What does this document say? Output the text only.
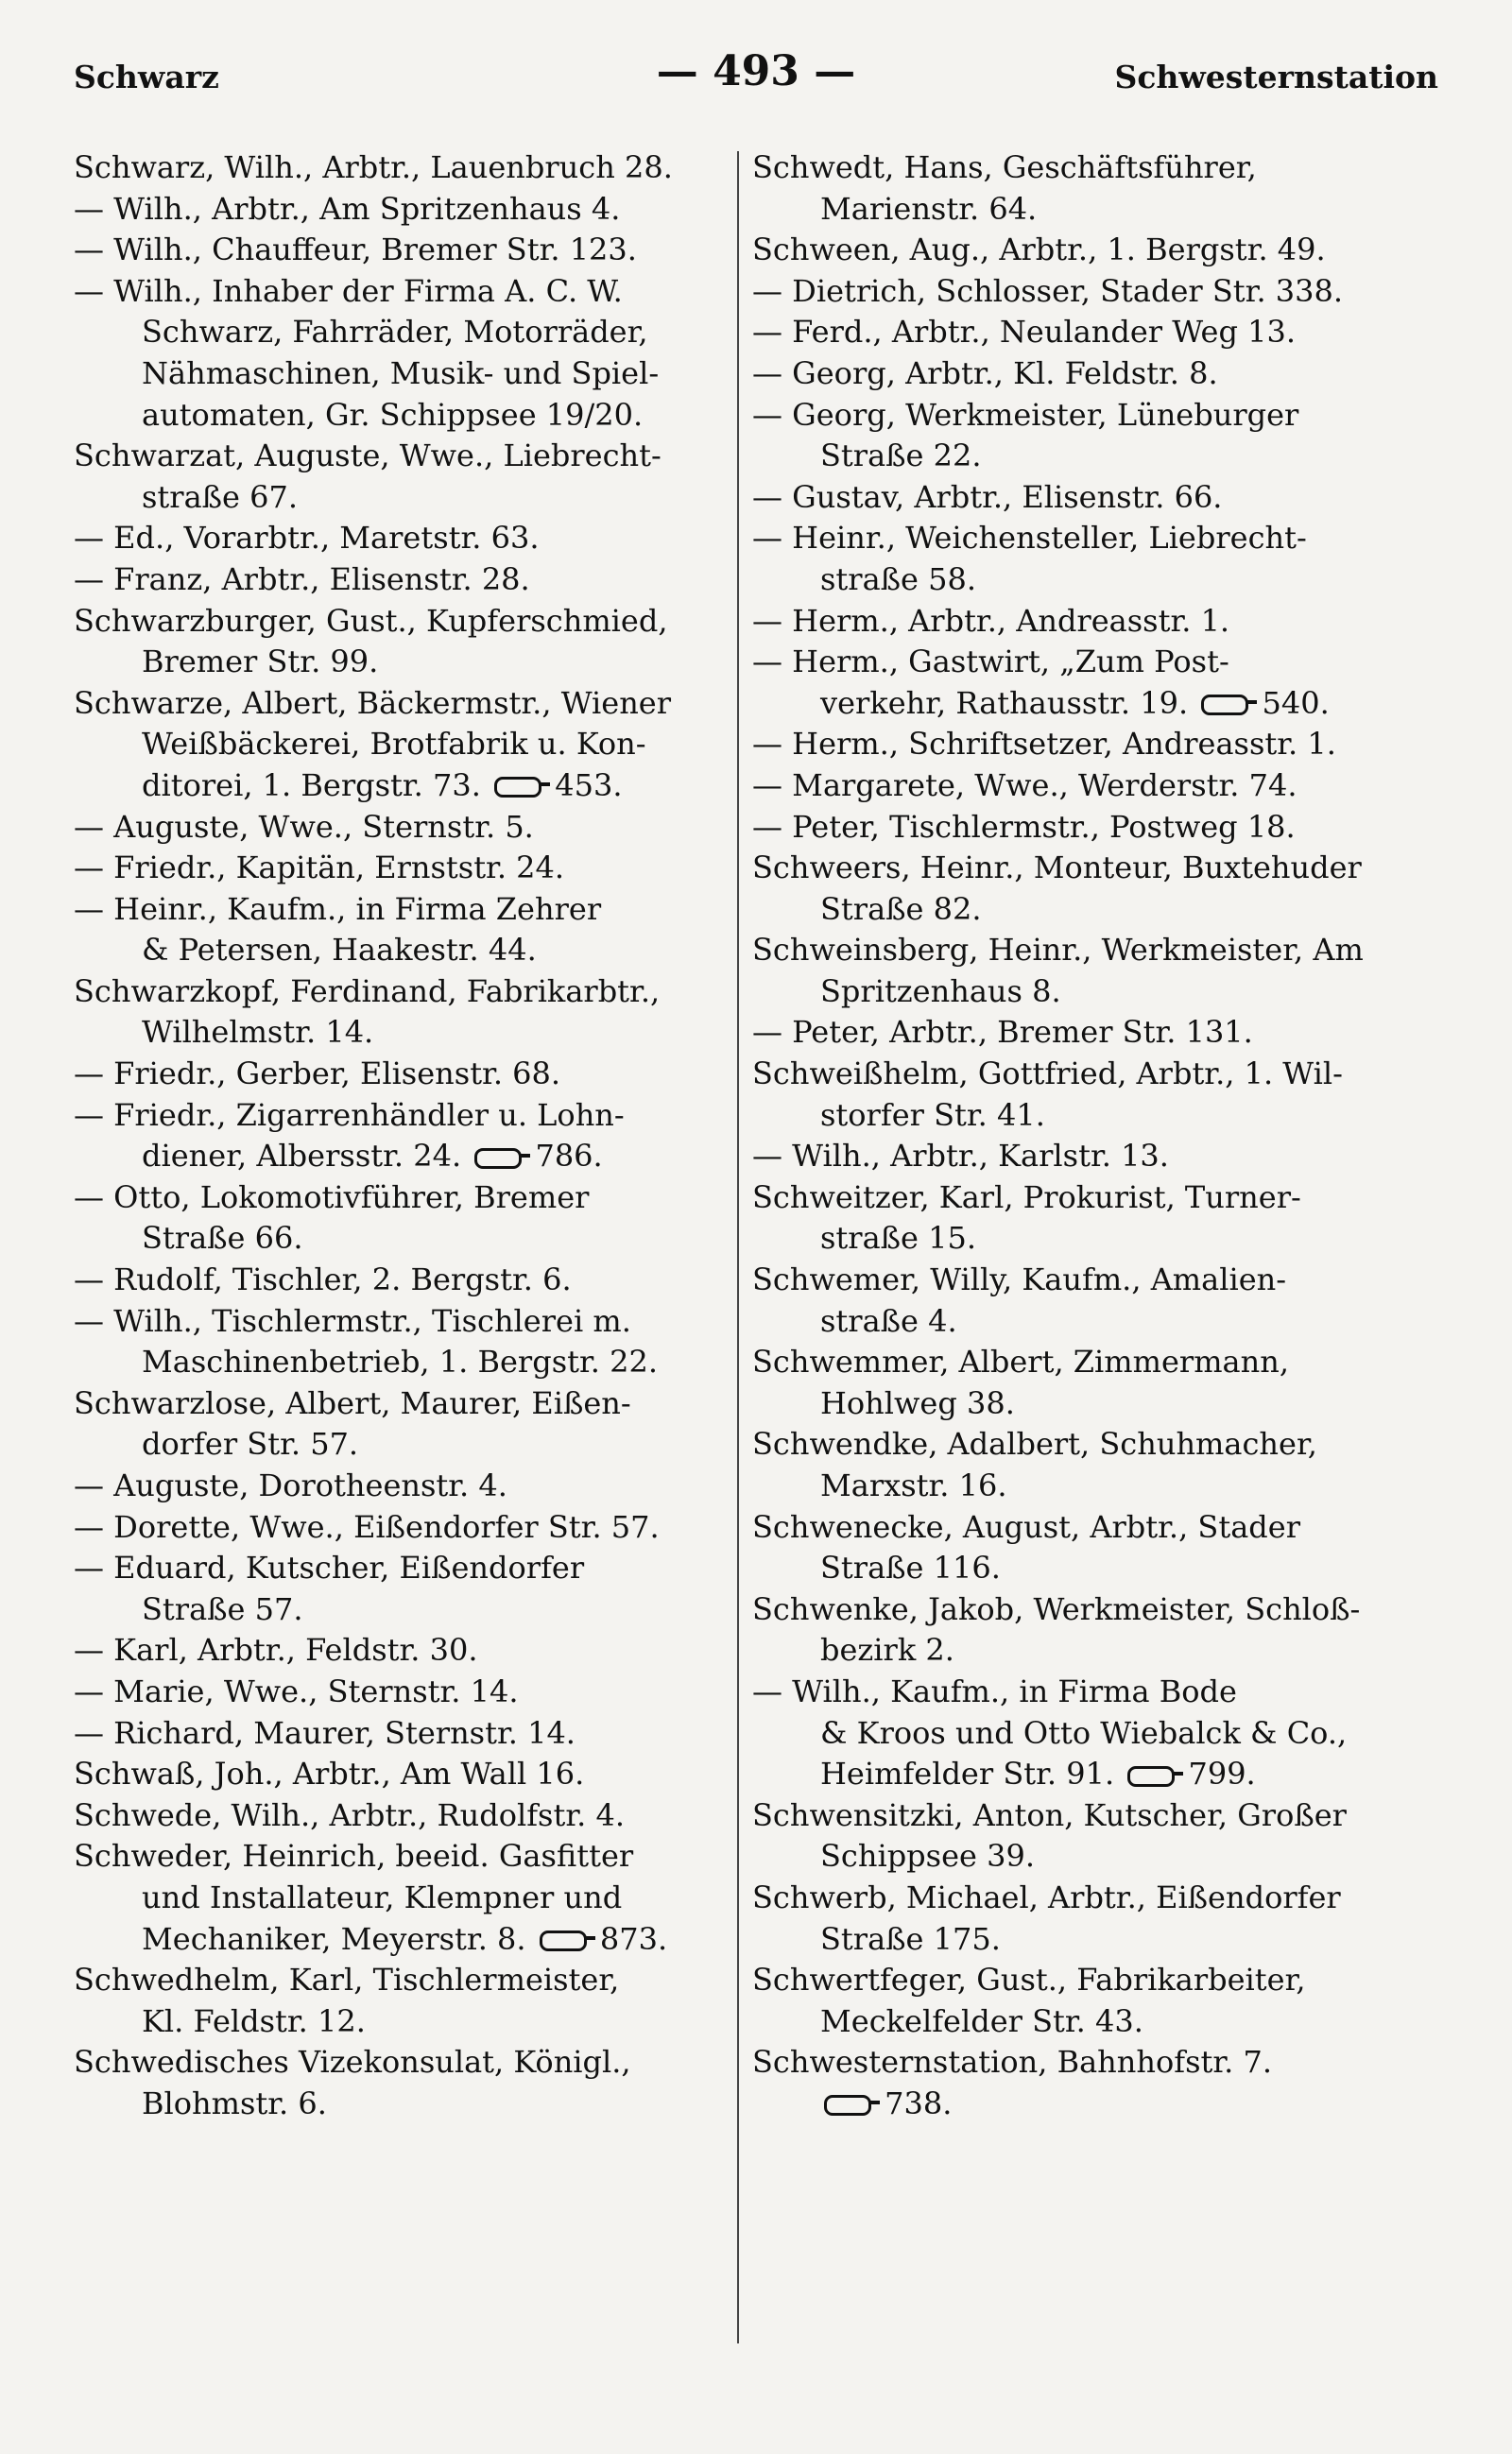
— 493 —
Schwarz	Schwesternstation
Schwarz, Wilh., Arbtr., Lauenbruch 28.
— Wilh., Arbtr., Am Spritzenhaus 4.
— Wilh., Chauffeur, Bremer Str. 123.
— Wilh., Inhaber der Firma A. C. W.
Schwarz, Fahrräder, Motorräder,
Nähmaschinen, Musik- und Spiel-
automaten, Gr. Schippsee 19/20.
Schwarzat, Auguste, Wwe., Liebrecht-
straße 67.
— Ed., Vorarbtr., Maretstr. 63.
— Franz, Arbtr., Elisenstr. 28.
Schwarzburger, Gust., Kupferschmied,
Bremer Str. 99.
Schwarze, Albert, Bäckermstr., Wiener
Weißbäckerei, Brotfabrik u. Kon-
ditorei, 1. Bergstr. 73. 453.
— Auguste, Wwe., Sternstr. 5.
— Friedr., Kapitän, Ernststr. 24.
— Heinr., Kaufm., in Firma Zehrer
& Petersen, Haakestr. 44.
Schwarzkopf, Ferdinand, Fabrikarbtr.,
Wilhelmstr. 14.
— Friedr., Gerber, Elisenstr. 68.
— Friedr., Zigarrenhändler u. Lohn-
diener, Albersstr. 24. 786.
— Otto, Lokomotivführer, Bremer
Straße 66.
— Rudolf, Tischler, 2. Bergstr. 6.
— Wilh., Tischlermstr., Tischlerei m.
Maschinenbetrieb, 1. Bergstr. 22.
Schwarzlose, Albert, Maurer, Eißen-
dorfer Str. 57.
— Auguste, Dorotheenstr. 4.
— Dorette, Wwe., Eißendorfer Str. 57.
— Eduard, Kutscher, Eißendorfer
Straße 57.
— Karl, Arbtr., Feldstr. 30.
— Marie, Wwe., Sternstr. 14.
— Richard, Maurer, Sternstr. 14.
Schwaß, Joh., Arbtr., Am Wall 16.
Schwede, Wilh., Arbtr., Rudolfstr. 4.
Schweder, Heinrich, beeid. Gasfitter
und Installateur, Klempner und
Mechaniker, Meyerstr. 8. 873.
Schwedhelm, Karl, Tischlermeister,
Kl. Feldstr. 12.
Schwedisches Vizekonsulat, Königl.,
Blohmstr. 6.
Schwedt, Hans, Geschäftsführer,
Marienstr. 64.
Schween, Aug., Arbtr., 1. Bergstr. 49.
— Dietrich, Schlosser, Stader Str. 338.
— Ferd., Arbtr., Neulander Weg 13.
— Georg, Arbtr., Kl. Feldstr. 8.
— Georg, Werkmeister, Lüneburger
Straße 22.
— Gustav, Arbtr., Elisenstr. 66.
— Heinr., Weichensteller, Liebrecht-
straße 58.
— Herm., Arbtr., Andreasstr. 1.
— Herm., Gastwirt, „Zum Post-
verkehr, Rathausstr. 19. 540.
— Herm., Schriftsetzer, Andreasstr. 1.
— Margarete, Wwe., Werderstr. 74.
— Peter, Tischlermstr., Postweg 18.
Schweers, Heinr., Monteur, Buxtehuder
Straße 82.
Schweinsberg, Heinr., Werkmeister, Am
Spritzenhaus 8.
— Peter, Arbtr., Bremer Str. 131.
Schweißhelm, Gottfried, Arbtr., 1. Wil-
storfer Str. 41.
— Wilh., Arbtr., Karlstr. 13.
Schweitzer, Karl, Prokurist, Turner-
straße 15.
Schwemer, Willy, Kaufm., Amalien-
straße 4.
Schwemmer, Albert, Zimmermann,
Hohlweg 38.
Schwendke, Adalbert, Schuhmacher,
Marxstr. 16.
Schwenecke, August, Arbtr., Stader
Straße 116.
Schwenke, Jakob, Werkmeister, Schloß-
bezirk 2.
— Wilh., Kaufm., in Firma Bode
& Kroos und Otto Wiebalck & Co.,
Heimfelder Str. 91. 799.
Schwensitzki, Anton, Kutscher, Großer
Schippsee 39.
Schwerb, Michael, Arbtr., Eißendorfer
Straße 175.
Schwertfeger, Gust., Fabrikarbeiter,
Meckelfelder Str. 43.
Schwesternstation, Bahnhofstr. 7.
738.
